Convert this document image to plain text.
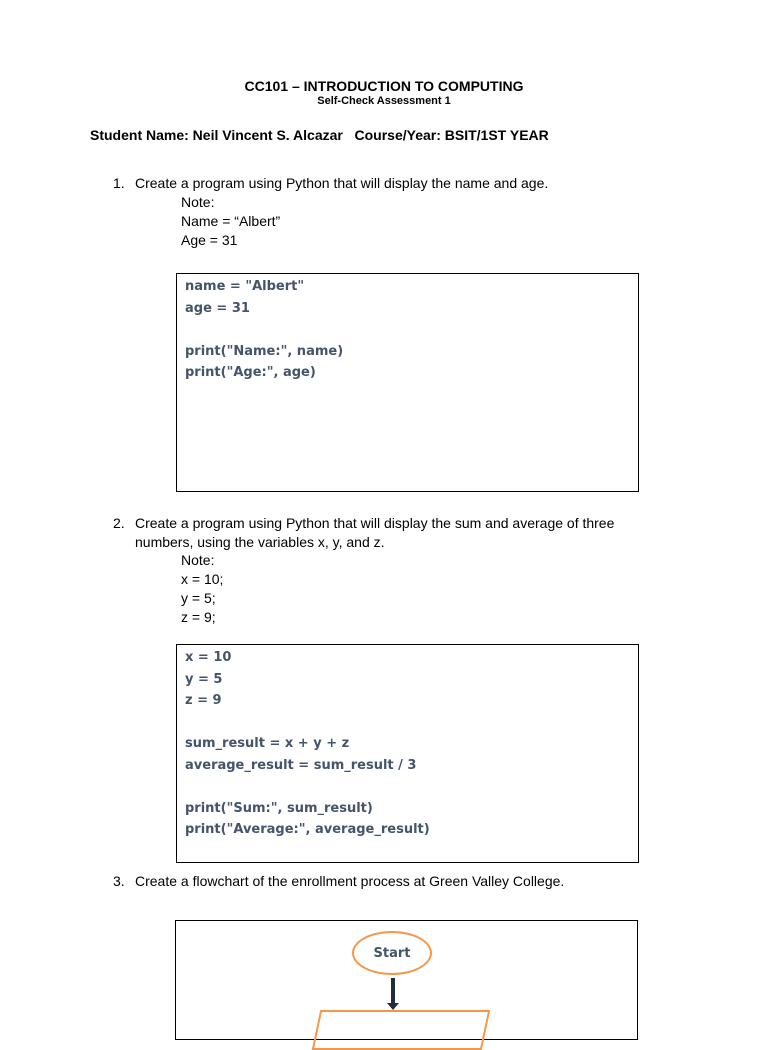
CC101 – INTRODUCTION TO COMPUTING
Self-Check Assessment 1
Student Name: Neil Vincent S. Alcazar   Course/Year: BSIT/1ST YEAR
1. Create a program using Python that will display the name and age.
Note:
Name = “Albert”
Age = 31
name = "Albert"
age = 31
print("Name:", name)
print("Age:", age)
2. Create a program using Python that will display the sum and average of three numbers, using the variables x, y, and z.
Note:
x = 10;
y = 5;
z = 9;
x = 10
y = 5
z = 9
sum_result = x + y + z
average_result = sum_result / 3
print("Sum:", sum_result)
print("Average:", average_result)
3. Create a flowchart of the enrollment process at Green Valley College.
Start
